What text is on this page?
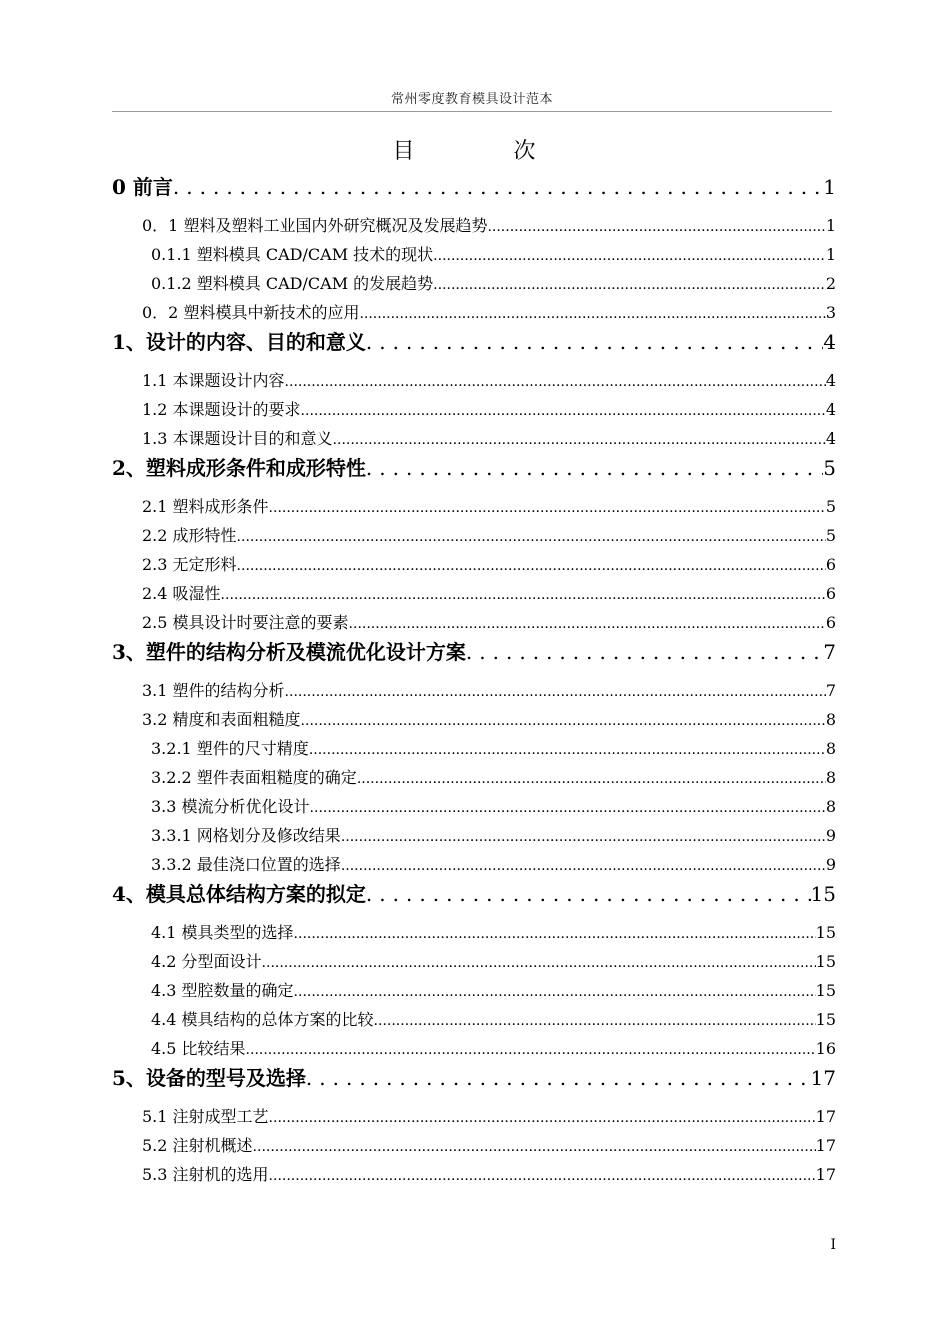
常州零度教育模具设计范本
目 次
0 前言 .....	1
0．1 塑料及塑料工业国内外研究概况及发展趋势 .....	1
0.1.1 塑料模具 CAD/CAM 技术的现状 .....	1
0.1.2 塑料模具 CAD/CAM 的发展趋势 .....	2
0．2 塑料模具中新技术的应用 .....	3
1、设计的内容、目的和意义 .....	4
1.1 本课题设计内容 .....	4
1.2 本课题设计的要求 .....	4
1.3 本课题设计目的和意义 .....	4
2、塑料成形条件和成形特性 .....	5
2.1 塑料成形条件 .....	5
2.2 成形特性 .....	5
2.3 无定形料 .....	6
2.4 吸湿性 .....	6
2.5 模具设计时要注意的要素 .....	6
3、塑件的结构分析及模流优化设计方案 .....	7
3.1 塑件的结构分析 .....	7
3.2 精度和表面粗糙度 .....	8
3.2.1 塑件的尺寸精度 .....	8
3.2.2 塑件表面粗糙度的确定 .....	8
3.3 模流分析优化设计 .....	8
3.3.1 网格划分及修改结果 .....	9
3.3.2 最佳浇口位置的选择 .....	9
4、模具总体结构方案的拟定 .....	15
4.1 模具类型的选择 .....	15
4.2 分型面设计 .....	15
4.3 型腔数量的确定 .....	15
4.4 模具结构的总体方案的比较 .....	15
4.5 比较结果 .....	16
5、设备的型号及选择 .....	17
5.1 注射成型工艺 .....	17
5.2 注射机概述 .....	17
5.3 注射机的选用 .....	17
I
